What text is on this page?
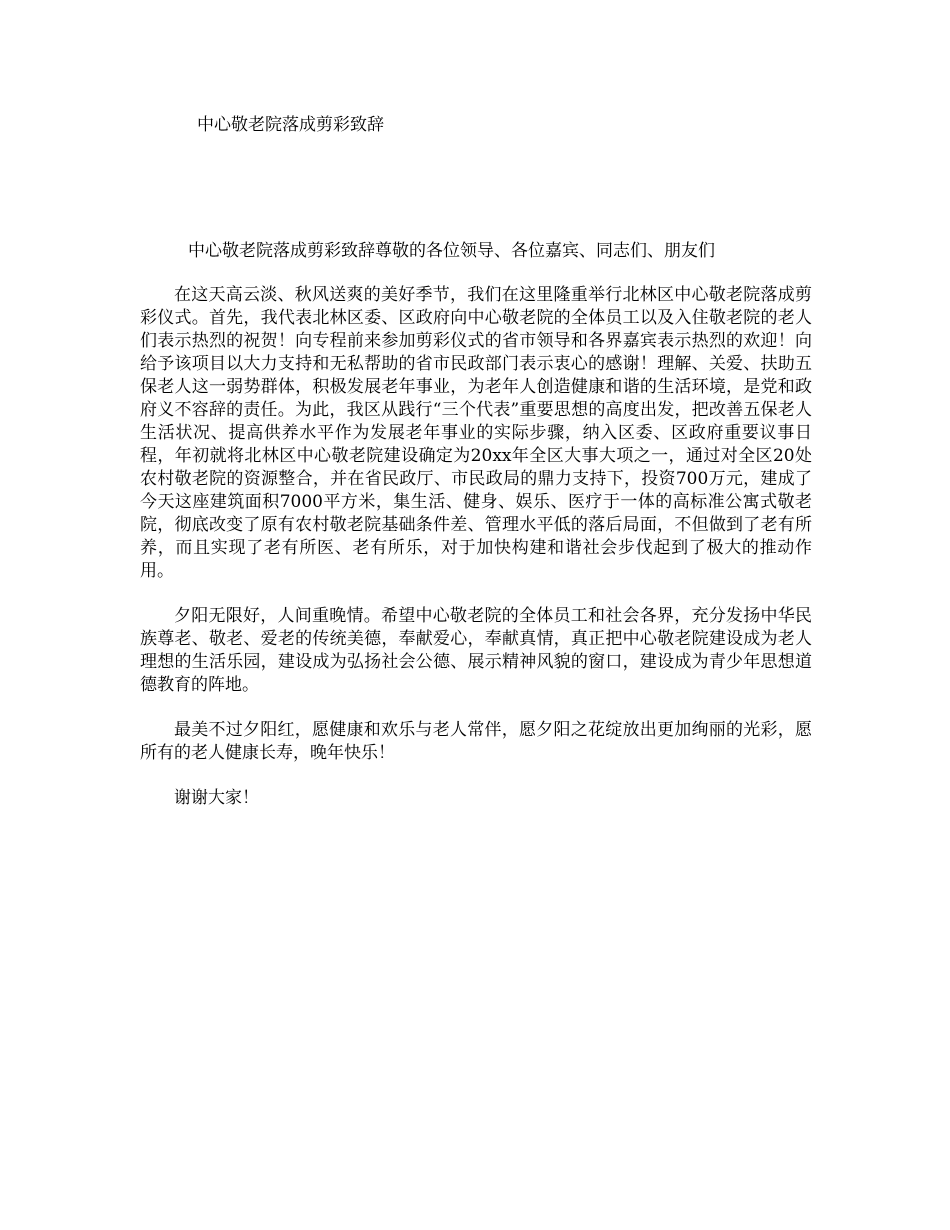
中心敬老院落成剪彩致辞
中心敬老院落成剪彩致辞尊敬的各位领导、各位嘉宾、同志们、朋友们

在这天高云淡、秋风送爽的美好季节，我们在这里隆重举行北林区中心敬老院落成剪彩仪式。首先，我代表北林区委、区政府向中心敬老院的全体员工以及入住敬老院的老人们表示热烈的祝贺！向专程前来参加剪彩仪式的省市领导和各界嘉宾表示热烈的欢迎！向给予该项目以大力支持和无私帮助的省市民政部门表示衷心的感谢！理解、关爱、扶助五保老人这一弱势群体，积极发展老年事业，为老年人创造健康和谐的生活环境，是党和政府义不容辞的责任。为此，我区从践行“三个代表”重要思想的高度出发，把改善五保老人生活状况、提高供养水平作为发展老年事业的实际步骤，纳入区委、区政府重要议事日程，年初就将北林区中心敬老院建设确定为20xx年全区大事大项之一，通过对全区20处农村敬老院的资源整合，并在省民政厅、市民政局的鼎力支持下，投资700万元，建成了今天这座建筑面积7000平方米，集生活、健身、娱乐、医疗于一体的高标准公寓式敬老院，彻底改变了原有农村敬老院基础条件差、管理水平低的落后局面，不但做到了老有所养，而且实现了老有所医、老有所乐，对于加快构建和谐社会步伐起到了极大的推动作用。

夕阳无限好，人间重晚情。希望中心敬老院的全体员工和社会各界，充分发扬中华民族尊老、敬老、爱老的传统美德，奉献爱心，奉献真情，真正把中心敬老院建设成为老人理想的生活乐园，建设成为弘扬社会公德、展示精神风貌的窗口，建设成为青少年思想道德教育的阵地。

最美不过夕阳红，愿健康和欢乐与老人常伴，愿夕阳之花绽放出更加绚丽的光彩，愿所有的老人健康长寿，晚年快乐！

谢谢大家！
